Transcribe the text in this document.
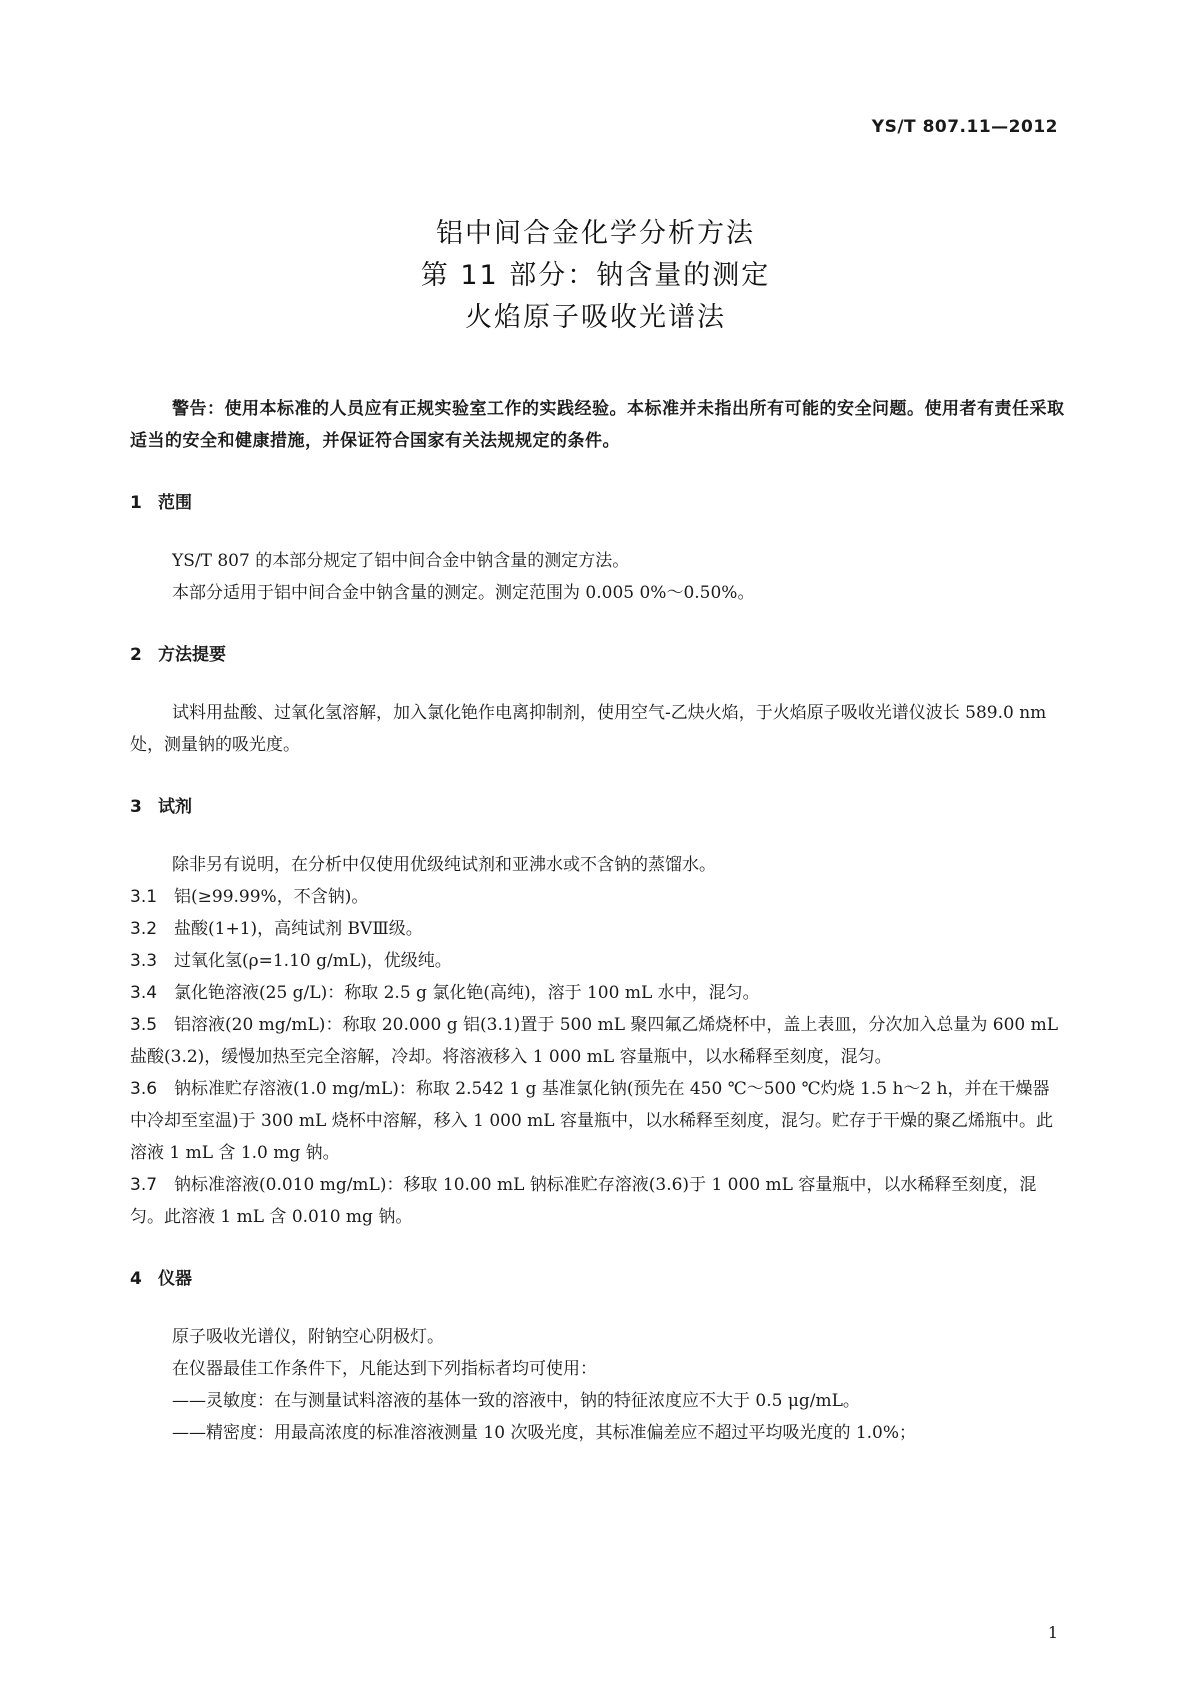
YS/T 807.11—2012
铝中间合金化学分析方法
第 11 部分：钠含量的测定
火焰原子吸收光谱法

警告：使用本标准的人员应有正规实验室工作的实践经验。本标准并未指出所有可能的安全问题。使用者有责任采取适当的安全和健康措施，并保证符合国家有关法规规定的条件。

1 范围

YS/T 807 的本部分规定了铝中间合金中钠含量的测定方法。

本部分适用于铝中间合金中钠含量的测定。测定范围为 0.005 0%～0.50%。

2 方法提要

试料用盐酸、过氧化氢溶解，加入氯化铯作电离抑制剂，使用空气-乙炔火焰，于火焰原子吸收光谱仪波长 589.0 nm 处，测量钠的吸光度。

3 试剂

除非另有说明，在分析中仅使用优级纯试剂和亚沸水或不含钠的蒸馏水。

3.1 铝(≥99.99%，不含钠)。

3.2 盐酸(1+1)，高纯试剂 BVⅢ级。

3.3 过氧化氢(ρ=1.10 g/mL)，优级纯。

3.4 氯化铯溶液(25 g/L)：称取 2.5 g 氯化铯(高纯)，溶于 100 mL 水中，混匀。

3.5 铝溶液(20 mg/mL)：称取 20.000 g 铝(3.1)置于 500 mL 聚四氟乙烯烧杯中，盖上表皿，分次加入总量为 600 mL 盐酸(3.2)，缓慢加热至完全溶解，冷却。将溶液移入 1 000 mL 容量瓶中，以水稀释至刻度，混匀。

3.6 钠标准贮存溶液(1.0 mg/mL)：称取 2.542 1 g 基准氯化钠(预先在 450 ℃～500 ℃灼烧 1.5 h～2 h，并在干燥器中冷却至室温)于 300 mL 烧杯中溶解，移入 1 000 mL 容量瓶中，以水稀释至刻度，混匀。贮存于干燥的聚乙烯瓶中。此溶液 1 mL 含 1.0 mg 钠。

3.7 钠标准溶液(0.010 mg/mL)：移取 10.00 mL 钠标准贮存溶液(3.6)于 1 000 mL 容量瓶中，以水稀释至刻度，混匀。此溶液 1 mL 含 0.010 mg 钠。

4 仪器

原子吸收光谱仪，附钠空心阴极灯。

在仪器最佳工作条件下，凡能达到下列指标者均可使用：

——灵敏度：在与测量试料溶液的基体一致的溶液中，钠的特征浓度应不大于 0.5 μg/mL。

——精密度：用最高浓度的标准溶液测量 10 次吸光度，其标准偏差应不超过平均吸光度的 1.0%；

1
